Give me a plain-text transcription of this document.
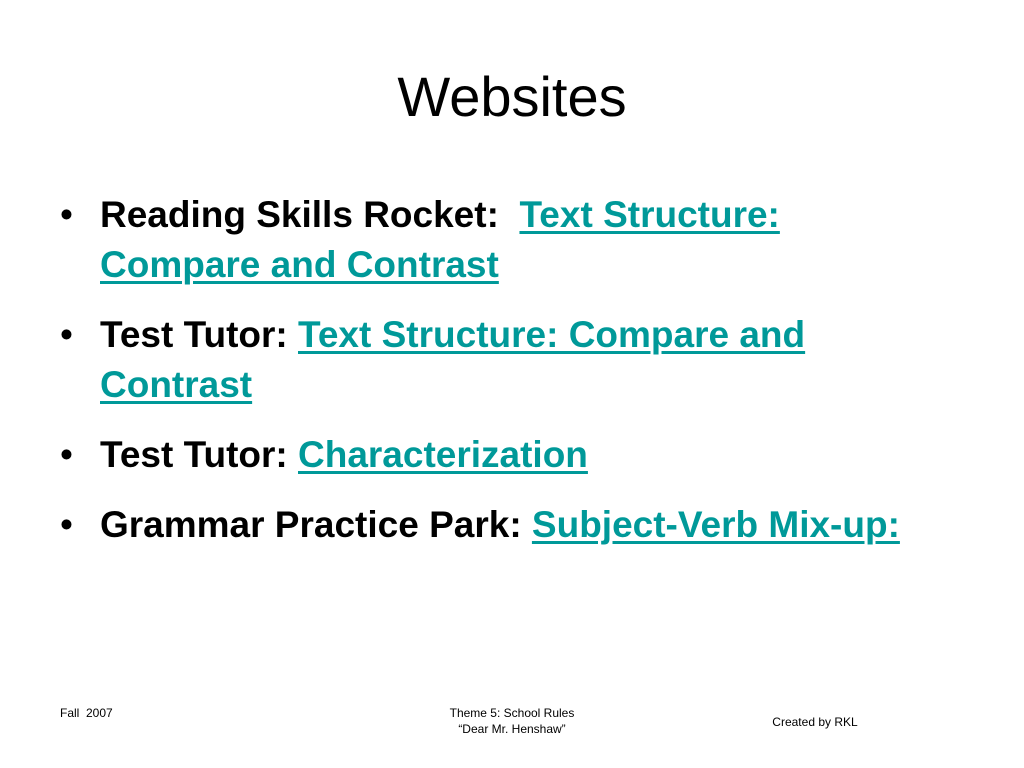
Websites
• Reading Skills Rocket: Text Structure: Compare and Contrast
• Test Tutor: Text Structure: Compare and Contrast
• Test Tutor: Characterization
• Grammar Practice Park: Subject-Verb Mix-up:
Fall  2007	Theme 5: School Rules
“Dear Mr. Henshaw”	Created by RKL
